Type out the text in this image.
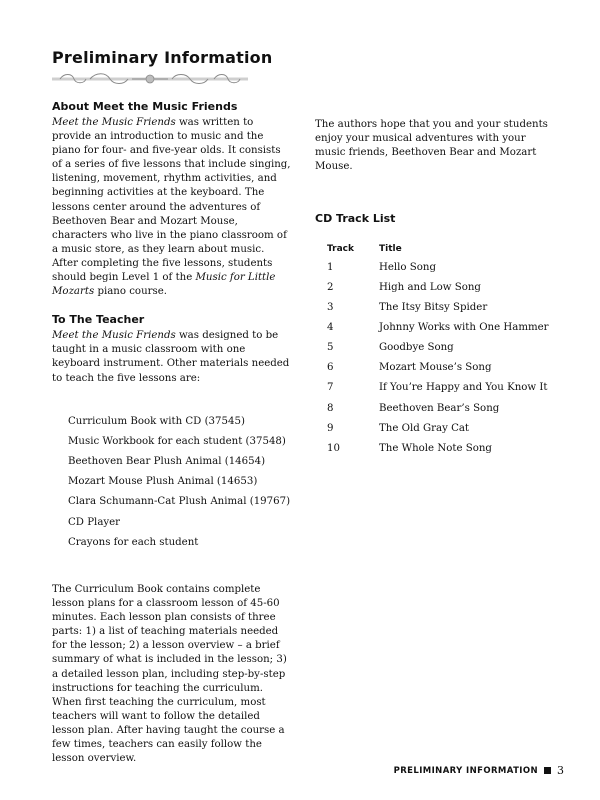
Preliminary Information
About Meet the Music Friends

Meet the Music Friends was written to provide an introduction to music and the piano for four- and five-year olds. It consists of a series of five lessons that include singing, listening, movement, rhythm activities, and beginning activities at the keyboard. The lessons center around the adventures of Beethoven Bear and Mozart Mouse, characters who live in the piano classroom of a music store, as they learn about music. After completing the five lessons, students should begin Level 1 of the Music for Little Mozarts piano course.

To The Teacher

Meet the Music Friends was designed to be taught in a music classroom with one keyboard instrument. Other materials needed to teach the five lessons are:

Curriculum Book with CD (37545)
Music Workbook for each student (37548)
Beethoven Bear Plush Animal (14654)
Mozart Mouse Plush Animal (14653)
Clara Schumann-Cat Plush Animal (19767)
CD Player
Crayons for each student

The Curriculum Book contains complete lesson plans for a classroom lesson of 45-60 minutes. Each lesson plan consists of three parts: 1) a list of teaching materials needed for the lesson; 2) a lesson overview – a brief summary of what is included in the lesson; 3) a detailed lesson plan, including step-by-step instructions for teaching the curriculum. When first teaching the curriculum, most teachers will want to follow the detailed lesson plan. After having taught the course a few times, teachers can easily follow the lesson overview.

The authors hope that you and your students enjoy your musical adventures with your music friends, Beethoven Bear and Mozart Mouse.

CD Track List
Track	Title
1	Hello Song
2	High and Low Song
3	The Itsy Bitsy Spider
4	Johnny Works with One Hammer
5	Goodbye Song
6	Mozart Mouse’s Song
7	If You’re Happy and You Know It
8	Beethoven Bear’s Song
9	The Old Gray Cat
10	The Whole Note Song
PRELIMINARY INFORMATION 3
